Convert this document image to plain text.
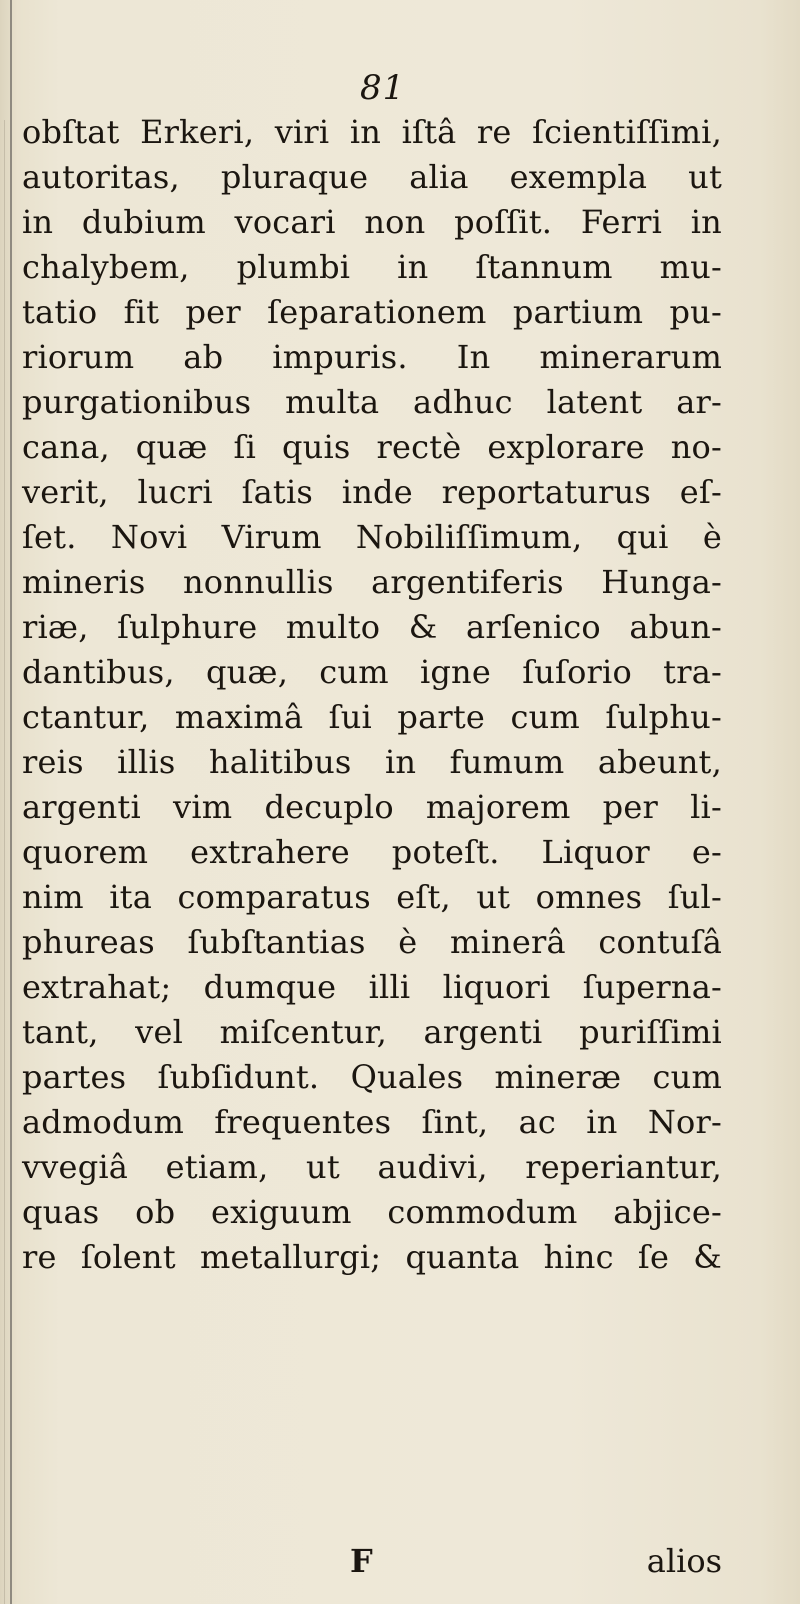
81
obſtat Erkeri, viri in iſtâ re ſcientiſſimi,
autoritas, pluraque alia exempla ut
in dubium vocari non poſſit. Ferri in
chalybem, plumbi in ſtannum mu-
tatio fit per ſeparationem partium pu-
riorum ab impuris. In minerarum
purgationibus multa adhuc latent ar-
cana, quæ ſi quis rectè explorare no-
verit, lucri ſatis inde reportaturus eſ-
ſet. Novi Virum Nobiliſſimum, qui è
mineris nonnullis argentiferis Hunga-
riæ, ſulphure multo & arſenico abun-
dantibus, quæ, cum igne ſuſorio tra-
ctantur, maximâ ſui parte cum ſulphu-
reis illis halitibus in fumum abeunt,
argenti vim decuplo majorem per li-
quorem extrahere poteſt. Liquor e-
nim ita comparatus eſt, ut omnes ſul-
phureas ſubſtantias è minerâ contuſâ
extrahat; dumque illi liquori ſuperna-
tant, vel miſcentur, argenti puriſſimi
partes ſubſidunt. Quales mineræ cum
admodum frequentes ſint, ac in Nor-
vvegiâ etiam, ut audivi, reperiantur,
quas ob exiguum commodum abjice-
re ſolent metallurgi; quanta hinc ſe &
F	alios
